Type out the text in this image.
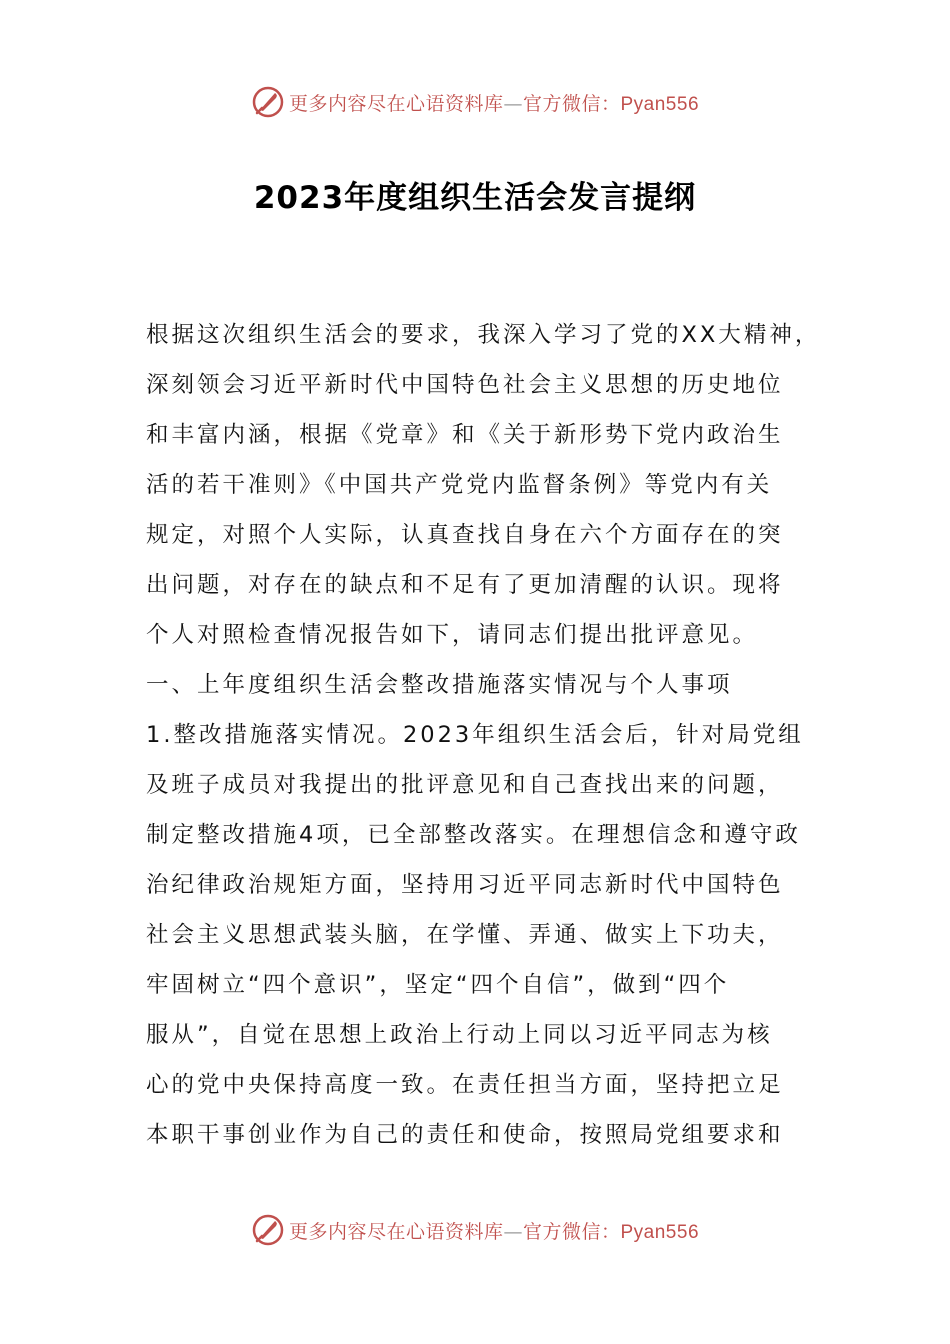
更多内容尽在心语资料库—官方微信：Pyan556
2023年度组织生活会发言提纲
根据这次组织生活会的要求，我深入学习了党的XX大精神，
深刻领会习近平新时代中国特色社会主义思想的历史地位
和丰富内涵，根据《党章》和《关于新形势下党内政治生
活的若干准则》《中国共产党党内监督条例》等党内有关
规定，对照个人实际，认真查找自身在六个方面存在的突
出问题，对存在的缺点和不足有了更加清醒的认识。现将
个人对照检查情况报告如下，请同志们提出批评意见。
一、上年度组织生活会整改措施落实情况与个人事项
1.整改措施落实情况。2023年组织生活会后，针对局党组
及班子成员对我提出的批评意见和自己查找出来的问题，
制定整改措施4项，已全部整改落实。在理想信念和遵守政
治纪律政治规矩方面，坚持用习近平同志新时代中国特色
社会主义思想武装头脑，在学懂、弄通、做实上下功夫，
牢固树立“四个意识”，坚定“四个自信”，做到“四个
服从”，自觉在思想上政治上行动上同以习近平同志为核
心的党中央保持高度一致。在责任担当方面，坚持把立足
本职干事创业作为自己的责任和使命，按照局党组要求和
更多内容尽在心语资料库—官方微信：Pyan556
